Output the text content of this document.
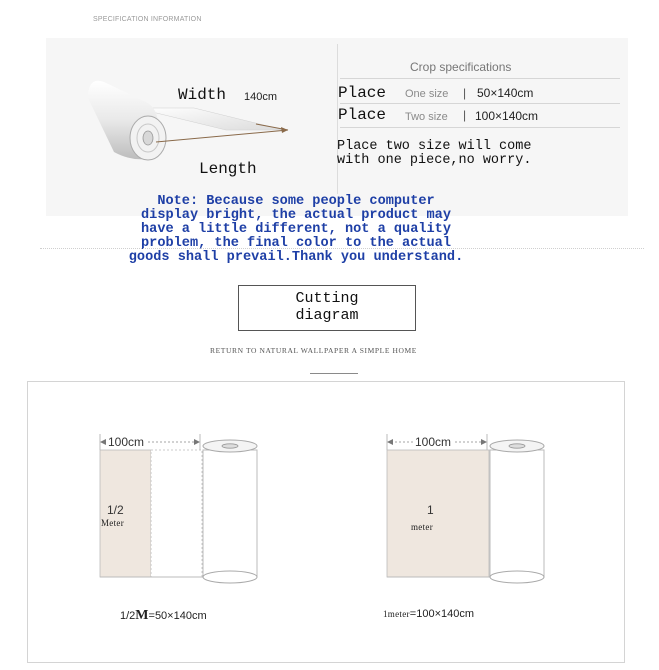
SPECIFICATION INFORMATION
Width 140cm
Length
Crop specifications
Place One size | 50×140cm
Place Two size | 100×140cm
Place two size will come
with one piece,no worry.
Note: Because some people computer
display bright, the actual product may
have a little different, not a quality
problem, the final color to the actual
goods shall prevail.Thank you understand.
Cutting
diagram
RETURN TO NATURAL WALLPAPER A SIMPLE HOME
100cm
1/2
Meter
1/2M=50×140cm
100cm
1
meter
1meter=100×140cm
